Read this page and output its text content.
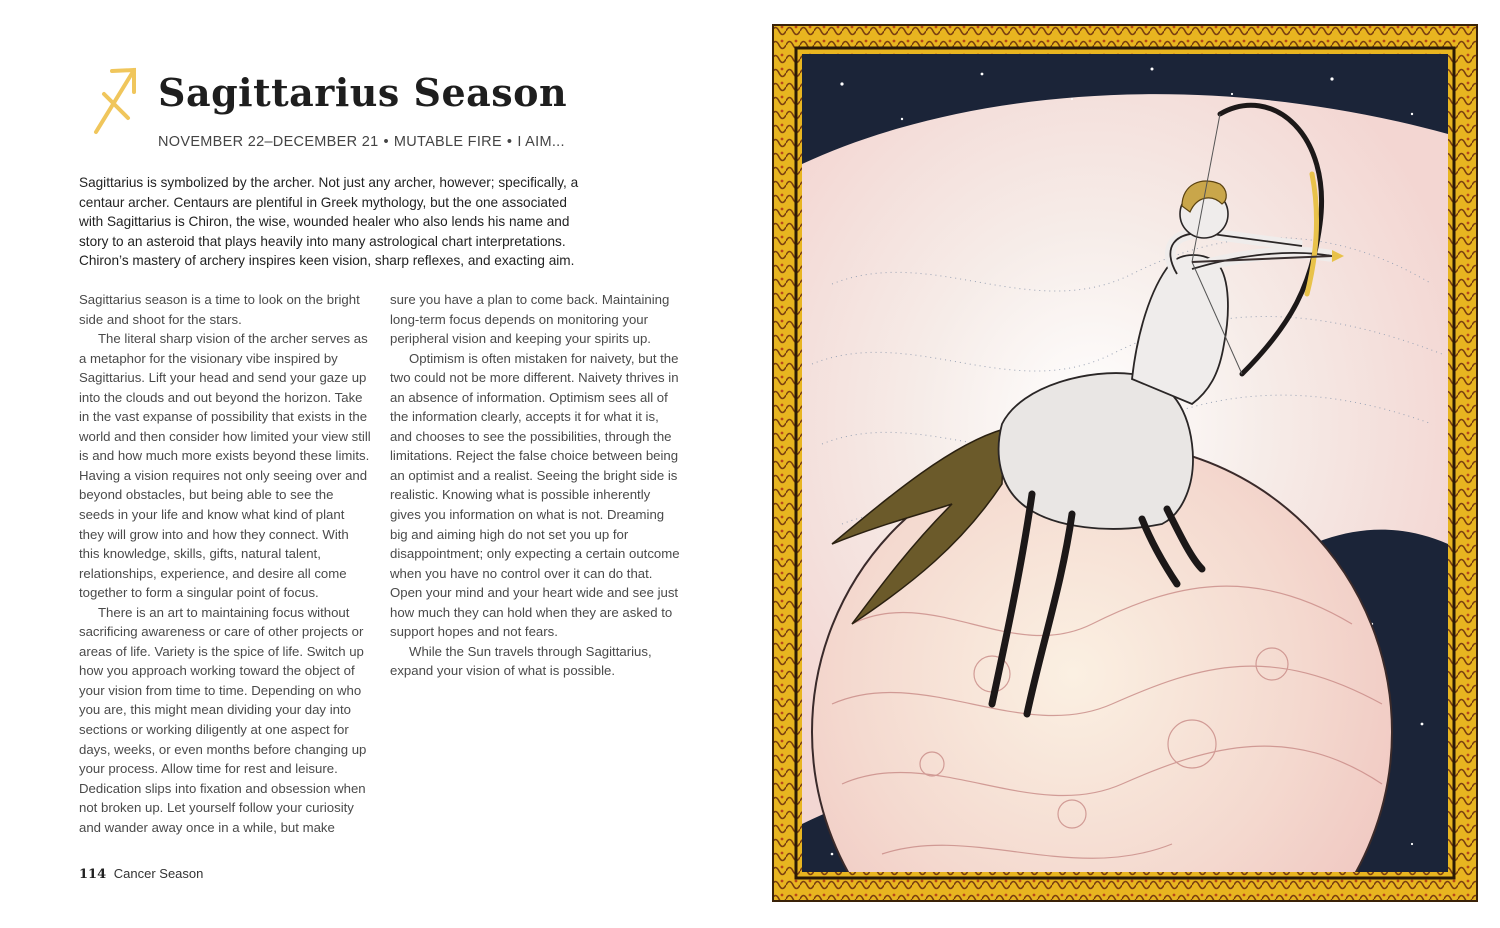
Sagittarius Season
NOVEMBER 22–DECEMBER 21 • MUTABLE FIRE • I AIM...

Sagittarius is symbolized by the archer. Not just any archer, however; specifically, a centaur archer. Centaurs are plentiful in Greek mythology, but the one associated with Sagittarius is Chiron, the wise, wounded healer who also lends his name and story to an asteroid that plays heavily into many astrological chart interpretations. Chiron’s mastery of archery inspires keen vision, sharp reflexes, and exacting aim.

Sagittarius season is a time to look on the bright side and shoot for the stars.

The literal sharp vision of the archer serves as a metaphor for the visionary vibe inspired by Sagittarius. Lift your head and send your gaze up into the clouds and out beyond the horizon. Take in the vast expanse of possibility that exists in the world and then consider how limited your view still is and how much more exists beyond these limits. Having a vision requires not only seeing over and beyond obstacles, but being able to see the seeds in your life and know what kind of plant they will grow into and how they connect. With this knowledge, skills, gifts, natural talent, relationships, experience, and desire all come together to form a singular point of focus.

There is an art to maintaining focus without sacrificing awareness or care of other projects or areas of life. Variety is the spice of life. Switch up how you approach working toward the object of your vision from time to time. Depending on who you are, this might mean dividing your day into sections or working diligently at one aspect for days, weeks, or even months before changing up your process. Allow time for rest and leisure. Dedication slips into fixation and obsession when not broken up. Let yourself follow your curiosity and wander away once in a while, but make

sure you have a plan to come back. Maintaining long-term focus depends on monitoring your peripheral vision and keeping your spirits up.

Optimism is often mistaken for naivety, but the two could not be more different. Naivety thrives in an absence of information. Optimism sees all of the information clearly, accepts it for what it is, and chooses to see the possibilities, through the limitations. Reject the false choice between being an optimist and a realist. Seeing the bright side is realistic. Knowing what is possible inherently gives you information on what is not. Dreaming big and aiming high do not set you up for disappointment; only expecting a certain outcome when you have no control over it can do that. Open your mind and your heart wide and see just how much they can hold when they are asked to support hopes and not fears.

While the Sun travels through Sagittarius, expand your vision of what is possible.

114 Cancer Season
